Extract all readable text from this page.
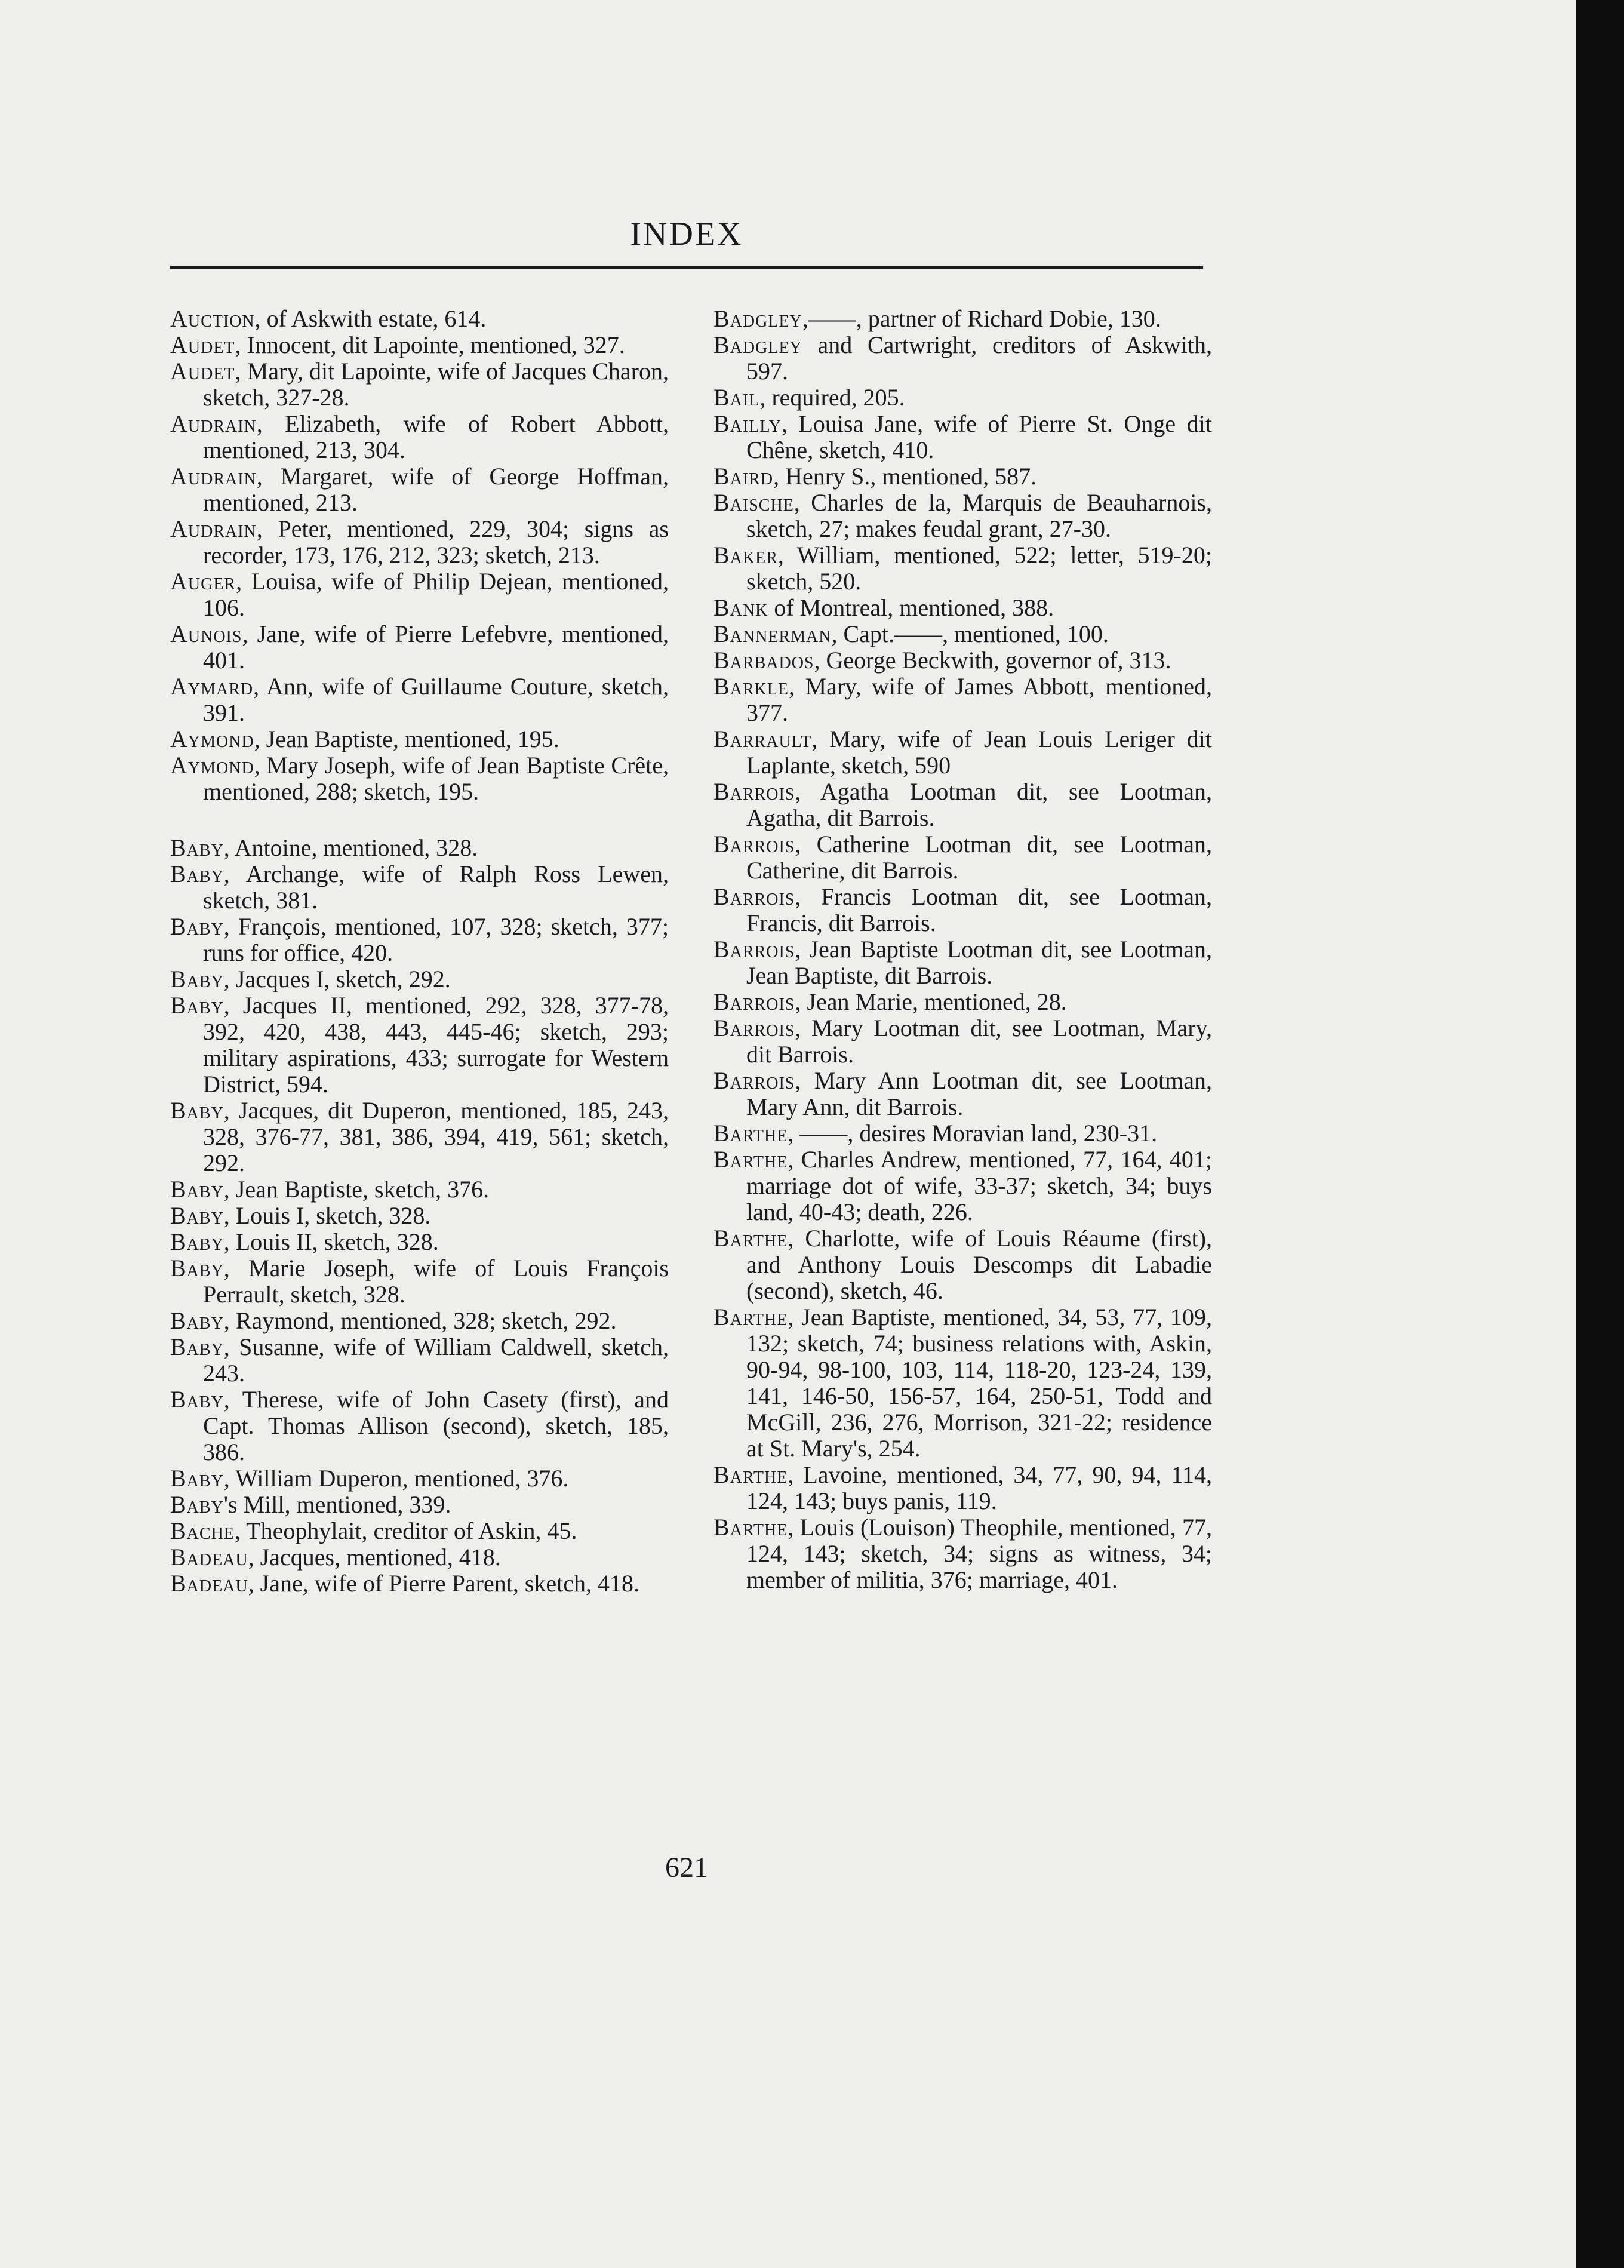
INDEX

Auction, of Askwith estate, 614.

Audet, Innocent, dit Lapointe, mentioned, 327.

Audet, Mary, dit Lapointe, wife of Jacques Charon, sketch, 327-28.

Audrain, Elizabeth, wife of Robert Abbott, mentioned, 213, 304.

Audrain, Margaret, wife of George Hoffman, mentioned, 213.

Audrain, Peter, mentioned, 229, 304; signs as recorder, 173, 176, 212, 323; sketch, 213.

Auger, Louisa, wife of Philip Dejean, mentioned, 106.

Aunois, Jane, wife of Pierre Lefebvre, mentioned, 401.

Aymard, Ann, wife of Guillaume Couture, sketch, 391.

Aymond, Jean Baptiste, mentioned, 195.

Aymond, Mary Joseph, wife of Jean Baptiste Crête, mentioned, 288; sketch, 195.

Baby, Antoine, mentioned, 328.

Baby, Archange, wife of Ralph Ross Lewen, sketch, 381.

Baby, François, mentioned, 107, 328; sketch, 377; runs for office, 420.

Baby, Jacques I, sketch, 292.

Baby, Jacques II, mentioned, 292, 328, 377-78, 392, 420, 438, 443, 445-46; sketch, 293; military aspirations, 433; surrogate for Western District, 594.

Baby, Jacques, dit Duperon, mentioned, 185, 243, 328, 376-77, 381, 386, 394, 419, 561; sketch, 292.

Baby, Jean Baptiste, sketch, 376.

Baby, Louis I, sketch, 328.

Baby, Louis II, sketch, 328.

Baby, Marie Joseph, wife of Louis François Perrault, sketch, 328.

Baby, Raymond, mentioned, 328; sketch, 292.

Baby, Susanne, wife of William Caldwell, sketch, 243.

Baby, Therese, wife of John Casety (first), and Capt. Thomas Allison (second), sketch, 185, 386.

Baby, William Duperon, mentioned, 376.

Baby's Mill, mentioned, 339.

Bache, Theophylait, creditor of Askin, 45.

Badeau, Jacques, mentioned, 418.

Badeau, Jane, wife of Pierre Parent, sketch, 418.

Badgley,——, partner of Richard Dobie, 130.

Badgley and Cartwright, creditors of Askwith, 597.

Bail, required, 205.

Bailly, Louisa Jane, wife of Pierre St. Onge dit Chêne, sketch, 410.

Baird, Henry S., mentioned, 587.

Baische, Charles de la, Marquis de Beauharnois, sketch, 27; makes feudal grant, 27-30.

Baker, William, mentioned, 522; letter, 519-20; sketch, 520.

Bank of Montreal, mentioned, 388.

Bannerman, Capt.——, mentioned, 100.

Barbados, George Beckwith, governor of, 313.

Barkle, Mary, wife of James Abbott, mentioned, 377.

Barrault, Mary, wife of Jean Louis Leriger dit Laplante, sketch, 590

Barrois, Agatha Lootman dit, see Lootman, Agatha, dit Barrois.

Barrois, Catherine Lootman dit, see Lootman, Catherine, dit Barrois.

Barrois, Francis Lootman dit, see Lootman, Francis, dit Barrois.

Barrois, Jean Baptiste Lootman dit, see Lootman, Jean Baptiste, dit Barrois.

Barrois, Jean Marie, mentioned, 28.

Barrois, Mary Lootman dit, see Lootman, Mary, dit Barrois.

Barrois, Mary Ann Lootman dit, see Lootman, Mary Ann, dit Barrois.

Barthe, ——, desires Moravian land, 230-31.

Barthe, Charles Andrew, mentioned, 77, 164, 401; marriage dot of wife, 33-37; sketch, 34; buys land, 40-43; death, 226.

Barthe, Charlotte, wife of Louis Réaume (first), and Anthony Louis Descomps dit Labadie (second), sketch, 46.

Barthe, Jean Baptiste, mentioned, 34, 53, 77, 109, 132; sketch, 74; business relations with, Askin, 90-94, 98-100, 103, 114, 118-20, 123-24, 139, 141, 146-50, 156-57, 164, 250-51, Todd and McGill, 236, 276, Morrison, 321-22; residence at St. Mary's, 254.

Barthe, Lavoine, mentioned, 34, 77, 90, 94, 114, 124, 143; buys panis, 119.

Barthe, Louis (Louison) Theophile, mentioned, 77, 124, 143; sketch, 34; signs as witness, 34; member of militia, 376; marriage, 401.

621
